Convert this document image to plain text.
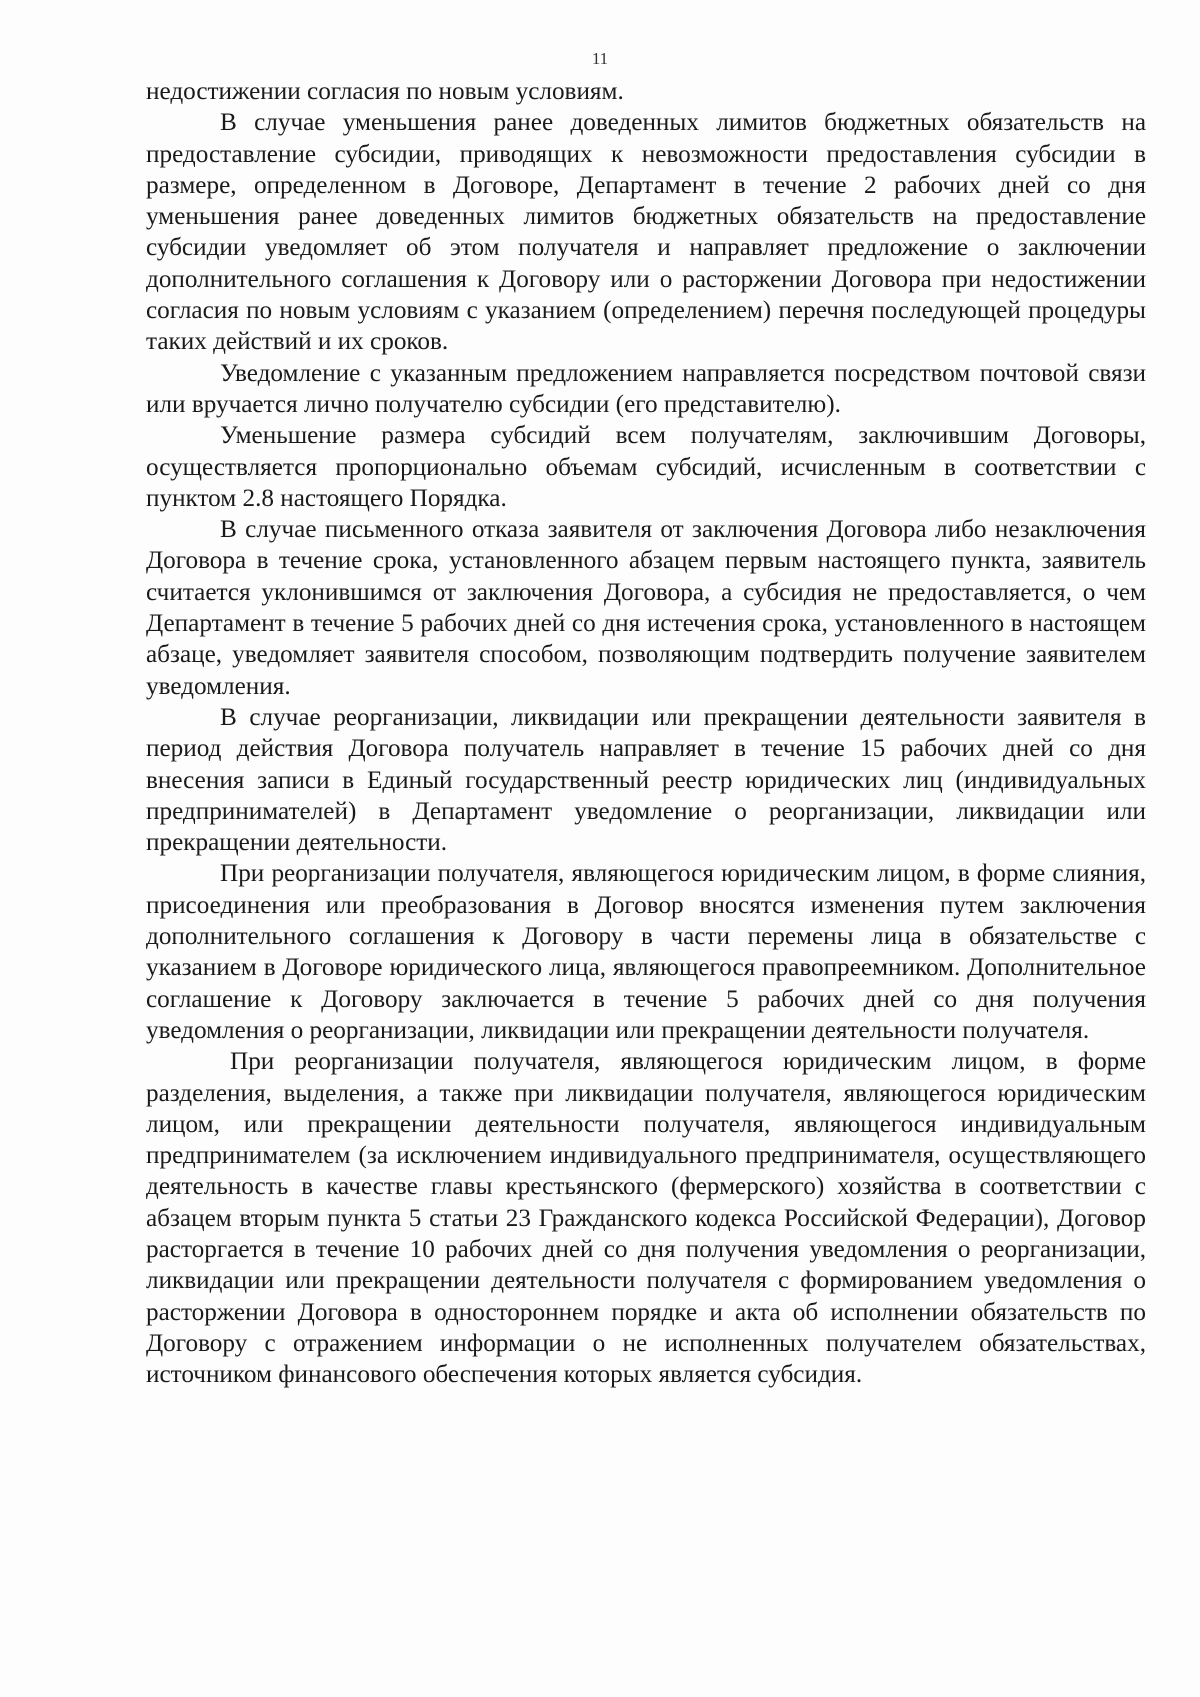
11

недостижении согласия по новым условиям.

В случае уменьшения ранее доведенных лимитов бюджетных обязательств на предоставление субсидии, приводящих к невозможности предоставления субсидии в размере, определенном в Договоре, Департамент в течение 2 рабочих дней со дня уменьшения ранее доведенных лимитов бюджетных обязательств на предоставление субсидии уведомляет об этом получателя и направляет предложение о заключении дополнительного соглашения к Договору или о расторжении Договора при недостижении согласия по новым условиям с указанием (определением) перечня последующей процедуры таких действий и их сроков.

Уведомление с указанным предложением направляется посредством почтовой связи или вручается лично получателю субсидии (его представителю).

Уменьшение размера субсидий всем получателям, заключившим Договоры, осуществляется пропорционально объемам субсидий, исчисленным в соответствии с пунктом 2.8 настоящего Порядка.

В случае письменного отказа заявителя от заключения Договора либо незаключения Договора в течение срока, установленного абзацем первым настоящего пункта, заявитель считается уклонившимся от заключения Договора, а субсидия не предоставляется, о чем Департамент в течение 5 рабочих дней со дня истечения срока, установленного в настоящем абзаце, уведомляет заявителя способом, позволяющим подтвердить получение заявителем уведомления.

В случае реорганизации, ликвидации или прекращении деятельности заявителя в период действия Договора получатель направляет в течение 15 рабочих дней со дня внесения записи в Единый государственный реестр юридических лиц (индивидуальных предпринимателей) в Департамент уведомление о реорганизации, ликвидации или прекращении деятельности.

При реорганизации получателя, являющегося юридическим лицом, в форме слияния, присоединения или преобразования в Договор вносятся изменения путем заключения дополнительного соглашения к Договору в части перемены лица в обязательстве с указанием в Договоре юридического лица, являющегося правопреемником. Дополнительное соглашение к Договору заключается в течение 5 рабочих дней со дня получения уведомления о реорганизации, ликвидации или прекращении деятельности получателя.

При реорганизации получателя, являющегося юридическим лицом, в форме разделения, выделения, а также при ликвидации получателя, являющегося юридическим лицом, или прекращении деятельности получателя, являющегося индивидуальным предпринимателем (за исключением индивидуального предпринимателя, осуществляющего деятельность в качестве главы крестьянского (фермерского) хозяйства в соответствии с абзацем вторым пункта 5 статьи 23 Гражданского кодекса Российской Федерации), Договор расторгается в течение 10 рабочих дней со дня получения уведомления о реорганизации, ликвидации или прекращении деятельности получателя с формированием уведомления о расторжении Договора в одностороннем порядке и акта об исполнении обязательств по Договору с отражением информации о не исполненных получателем обязательствах, источником финансового обеспечения которых является субсидия.
